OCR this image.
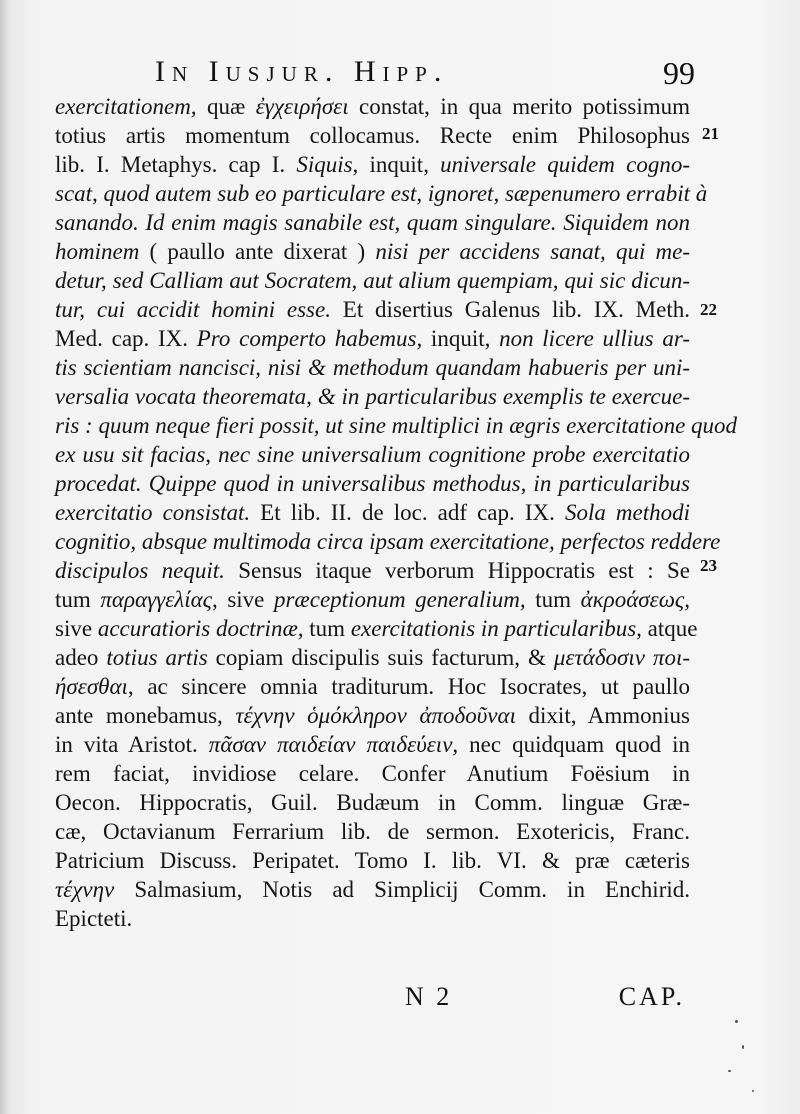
In Iusjur. Hipp.	99
exercitationem, quæ ἐγχειρήσει constat, in qua merito potissimum
totius artis momentum collocamus. Recte enim Philosophus
lib. I. Metaphys. cap I. Siquis, inquit, universale quidem cogno-
scat, quod autem sub eo particulare est, ignoret, sæpenumero errabit à
sanando. Id enim magis sanabile est, quam singulare. Siquidem non
hominem ( paullo ante dixerat ) nisi per accidens sanat, qui me-
detur, sed Calliam aut Socratem, aut alium quempiam, qui sic dicun-
tur, cui accidit homini esse. Et disertius Galenus lib. IX. Meth.
Med. cap. IX. Pro comperto habemus, inquit, non licere ullius ar-
tis scientiam nancisci, nisi & methodum quandam habueris per uni-
versalia vocata theoremata, & in particularibus exemplis te exercue-
ris : quum neque fieri possit, ut sine multiplici in ægris exercitatione quod
ex usu sit facias, nec sine universalium cognitione probe exercitatio
procedat. Quippe quod in universalibus methodus, in particularibus
exercitatio consistat. Et lib. II. de loc. adf cap. IX. Sola methodi
cognitio, absque multimoda circa ipsam exercitatione, perfectos reddere
discipulos nequit. Sensus itaque verborum Hippocratis est : Se
tum παραγγελίας, sive præceptionum generalium, tum ἀκροάσεως,
sive accuratioris doctrinæ, tum exercitationis in particularibus, atque
adeo totius artis copiam discipulis suis facturum, & μετάδοσιν ποι-
ήσεσθαι, ac sincere omnia traditurum. Hoc Isocrates, ut paullo
ante monebamus, τέχνην ὁμόκληρον ἀποδοῦναι dixit, Ammonius
in vita Aristot. πᾶσαν παιδείαν παιδεύειν, nec quidquam quod in
rem faciat, invidiose celare. Confer Anutium Foësium in
Oecon. Hippocratis, Guil. Budæum in Comm. linguæ Græ-
cæ, Octavianum Ferrarium lib. de sermon. Exotericis, Franc.
Patricium Discuss. Peripatet. Tomo I. lib. VI. & præ cæteris
τέχνην Salmasium, Notis ad Simplicij Comm. in Enchirid.
Epicteti.
21
22
23
N 2	CAP.
